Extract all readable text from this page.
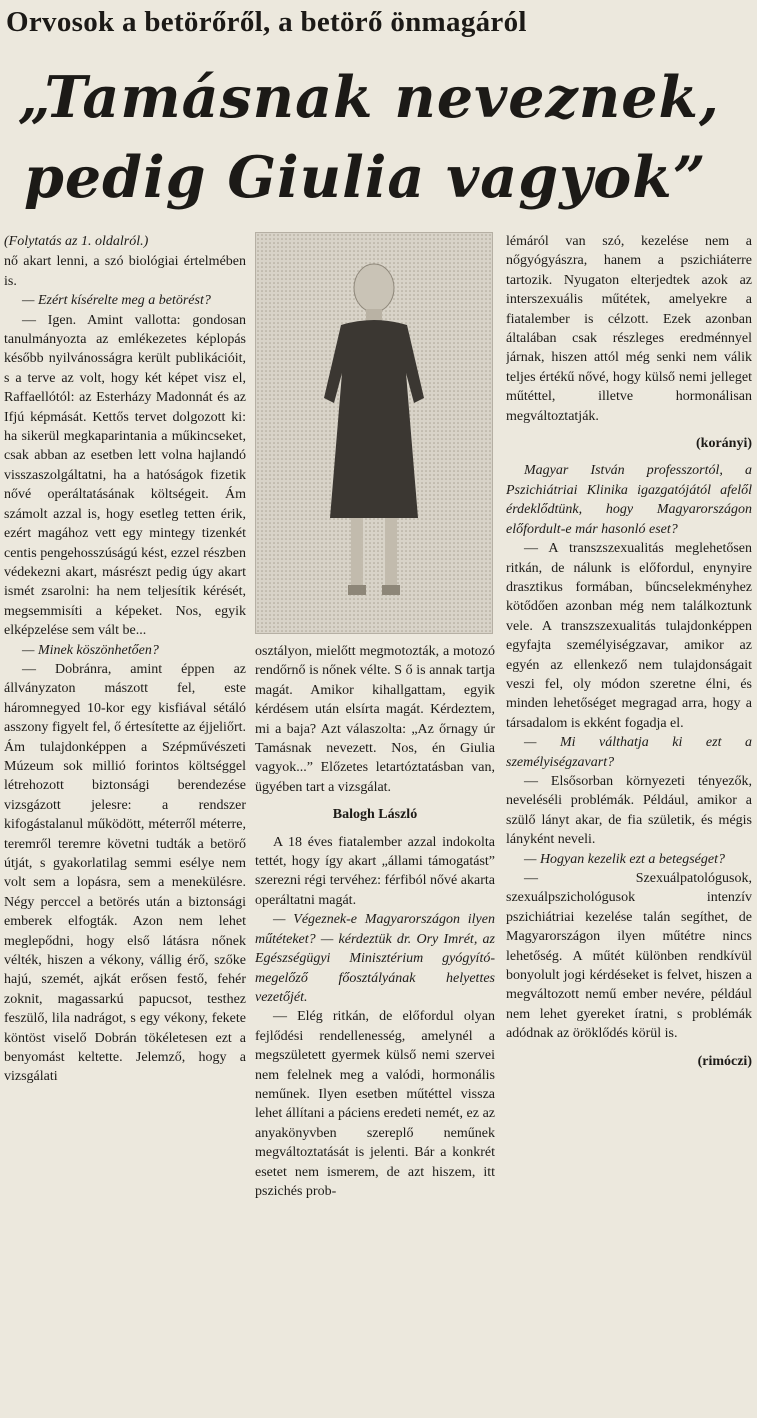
Orvosok a betörőről, a betörő önmagáról
„Tamásnak neveznek,
pedig Giulia vagyok”

(Folytatás az 1. oldalról.)

nő akart lenni, a szó biológiai értelmében is.

— Ezért kísérelte meg a betörést?

— Igen. Amint vallotta: gondosan tanulmányozta az emlékezetes képlopás később nyilvánosságra került publikációit, s a terve az volt, hogy két képet visz el, Raffaellótól: az Esterházy Madonnát és az Ifjú képmását. Kettős tervet dolgozott ki: ha sikerül megkaparintania a műkincseket, csak abban az esetben lett volna hajlandó visszaszolgáltatni, ha a hatóságok fizetik nővé operáltatásának költségeit. Ám számolt azzal is, hogy esetleg tetten érik, ezért magához vett egy mintegy tizenkét centis pengehosszúságú kést, ezzel részben védekezni akart, másrészt pedig úgy akart ismét zsarolni: ha nem teljesítik kérését, megsemmisíti a képeket. Nos, egyik elképzelése sem vált be...

— Minek köszönhetően?

— Dobránra, amint éppen az állványzaton mászott fel, este háromnegyed 10-kor egy kisfiával sétáló asszony figyelt fel, ő értesítette az éjjeliőrt. Ám tulajdonképpen a Szépművészeti Múzeum sok millió forintos költséggel létrehozott biztonsági berendezése vizsgázott jelesre: a rendszer kifogástalanul működött, méterről méterre, teremről teremre követni tudták a betörő útját, s gyakorlatilag semmi esélye nem volt sem a lopásra, sem a menekülésre. Négy perccel a betörés után a biztonsági emberek elfogták. Azon nem lehet meglepődni, hogy első látásra nőnek vélték, hiszen a vékony, vállig érő, szőke hajú, szemét, ajkát erősen festő, fehér zoknit, magassarkú papucsot, testhez feszülő, lila nadrágot, s egy vékony, fekete köntöst viselő Dobrán tökéletesen ezt a benyomást keltette. Jelemző, hogy a vizsgálati

osztályon, mielőtt megmotozták, a motozó rendőrnő is nőnek vélte. S ő is annak tartja magát. Amikor kihallgattam, egyik kérdésem után elsírta magát. Kérdeztem, mi a baja? Azt válaszolta: „Az őrnagy úr Tamásnak nevezett. Nos, én Giulia vagyok...” Előzetes letartóztatásban van, ügyében tart a vizsgálat.

Balogh László

A 18 éves fiatalember azzal indokolta tettét, hogy így akart „állami támogatást” szerezni régi tervéhez: férfiból nővé akarta operáltatni magát.

— Végeznek-e Magyarországon ilyen műtéteket? — kérdeztük dr. Ory Imrét, az Egészségügyi Minisztérium gyógyító-megelőző főosztályának helyettes vezetőjét.

— Elég ritkán, de előfordul olyan fejlődési rendellenesség, amelynél a megszületett gyermek külső nemi szervei nem felelnek meg a valódi, hormonális neműnek. Ilyen esetben műtéttel vissza lehet állítani a páciens eredeti nemét, ez az anyakönyvben szereplő neműnek megváltoztatását is jelenti. Bár a konkrét esetet nem ismerem, de azt hiszem, itt pszichés prob-

lémáról van szó, kezelése nem a nőgyógyászra, hanem a pszichiáterre tartozik. Nyugaton elterjedtek azok az interszexuális műtétek, amelyekre a fiatalember is célzott. Ezek azonban általában csak részleges eredménnyel járnak, hiszen attól még senki nem válik teljes értékű nővé, hogy külső nemi jelleget műtéttel, illetve hormonálisan megváltoztatják.

(korányi)

Magyar István professzortól, a Pszichiátriai Klinika igazgatójától afelől érdeklődtünk, hogy Magyarországon előfordult-e már hasonló eset?

— A transzszexualitás meglehetősen ritkán, de nálunk is előfordul, enynyire drasztikus formában, bűncselekményhez kötődően azonban még nem találkoztunk vele. A transzszexualitás tulajdonképpen egyfajta személyiségzavar, amikor az egyén az ellenkező nem tulajdonságait veszi fel, oly módon szeretne élni, és minden lehetőséget megragad arra, hogy a társadalom is ekként fogadja el.

— Mi válthatja ki ezt a személyiségzavart?

— Elsősorban környezeti tényezők, neveléséli problémák. Például, amikor a szülő lányt akar, de fia születik, és mégis lányként neveli.

— Hogyan kezelik ezt a betegséget?

— Szexuálpatológusok, szexuálpszichológusok intenzív pszichiátriai kezelése talán segíthet, de Magyarországon ilyen műtétre nincs lehetőség. A műtét különben rendkívül bonyolult jogi kérdéseket is felvet, hiszen a megváltozott nemű ember nevére, például nem lehet gyereket íratni, s problémák adódnak az öröklődés körül is.

(rimóczi)
